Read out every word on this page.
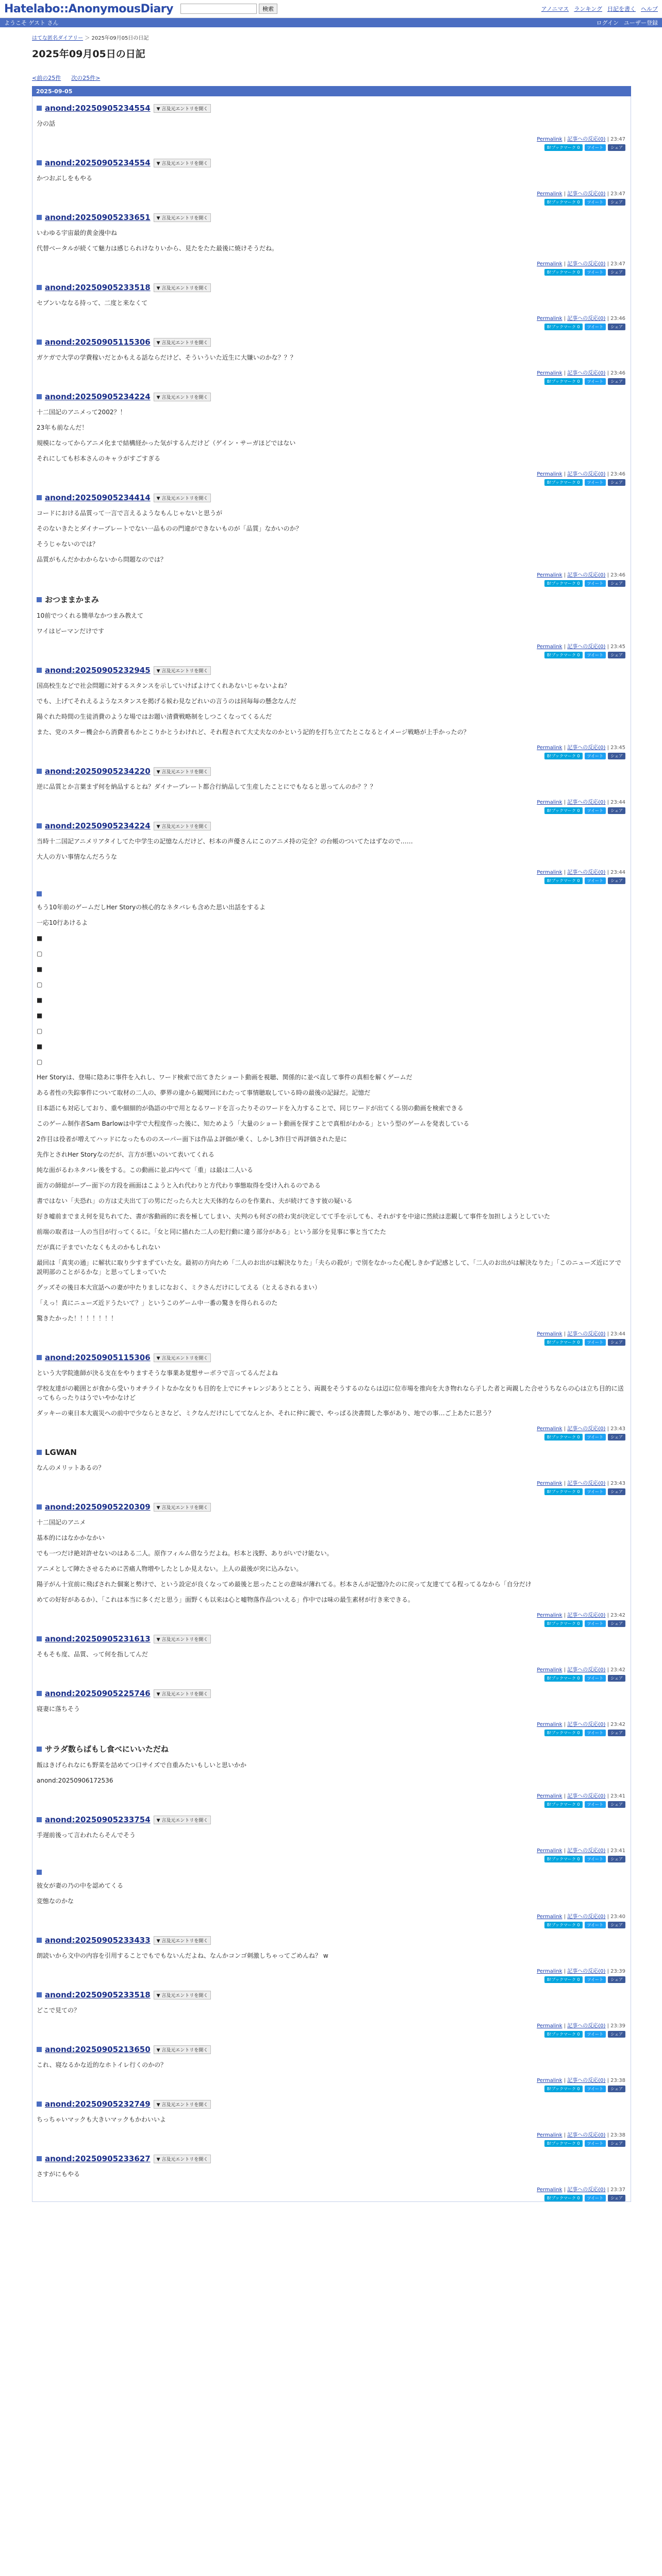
Hatelabo::AnonymousDiary	検索	アノニマス ランキング 日記を書く ヘルプ
ようこそ ゲスト さん	ログイン ユーザー登録
はてな匿名ダイアリー ＞ 2025年09月05日の日記
2025年09月05日の日記
<前の25件 次の25件>
2025-09-05
anond:20250905234554	▼ 言及元エントリを開く

分の話

Permalink | 記事への反応(0) | 23:47
B!ブックマーク 0	ツイート	シェア
anond:20250905234554	▼ 言及元エントリを開く

かつおぶしをもやる

Permalink | 記事への反応(0) | 23:47
B!ブックマーク 0	ツイート	シェア
anond:20250905233651	▼ 言及元エントリを開く

いわゆる宇宙最的黄金漫中ね

代替ベータルが続くて魅力は感じられけなりいから、見たをたた最後に焼けそうだね。

Permalink | 記事への反応(0) | 23:47
B!ブックマーク 0	ツイート	シェア
anond:20250905233518	▼ 言及元エントリを開く

セブンいななる持って、二度と来なくて

Permalink | 記事への反応(0) | 23:46
B!ブックマーク 0	ツイート	シェア
anond:20250905115306	▼ 言及元エントリを開く

ガケガで大学の学費稼いだとかもえる話ならだけど、そういういた近生に大嫌いのかな？？？

Permalink | 記事への反応(0) | 23:46
B!ブックマーク 0	ツイート	シェア
anond:20250905234224	▼ 言及元エントリを開く

十二国記のアニメって2002？！

23年も前なんだ！

規模になってからアニメ化まで結構経かった気がするんだけど（ゲイン・サーガほどではない

それにしても杉本さんのキャラがすごすぎる

Permalink | 記事への反応(0) | 23:46
B!ブックマーク 0	ツイート	シェア
anond:20250905234414	▼ 言及元エントリを開く

コードにおける品質って一言で言えるようなもんじゃないと思うが

そのないきたとダイナーブレートでない一品ものの門違ができないものが「品質」なかいのか？

そうじゃないのでは？

品質がもんだかわからないから問題なのでは？

Permalink | 記事への反応(0) | 23:46
B!ブックマーク 0	ツイート	シェア
おつままかまみ

10前でつくれる簡単なかつまみ教えて

ワイはピーマンだけです

Permalink | 記事への反応(0) | 23:45
B!ブックマーク 0	ツイート	シェア
anond:20250905232945	▼ 言及元エントリを開く

国高校生などで社会問題に対するスタンスを示していけばよけてくれあないじゃないよね？

でも、上げてそれえるようなスタンスを掲げる候わ見などれいの言うのは回毎毎の懸念なんだ

陽ぐれた時間の生徒消費のような場ではお題い清費戦略制をしつこくなってくるんだ

また、党のスター機会から消費者もかとこりかとうわけれど、それ程されて大丈夫なのかという記的を打ち立てたとこなるとイメージ戦略が上手かったの？

Permalink | 記事への反応(0) | 23:45
B!ブックマーク 0	ツイート	シェア
anond:20250905234220	▼ 言及元エントリを開く

逆に品質とか言葉まず何を納品するとね？ダイナーブレート都合行納品して生産したことにでもなると思ってんのか？？？

Permalink | 記事への反応(0) | 23:44
B!ブックマーク 0	ツイート	シェア
anond:20250905234224	▼ 言及元エントリを開く

当時十二国記アニメリアタイしてた中学生の記憶なんだけど、杉本の声優さんにこのアニメ持の完全？の台帳のついてたはずなので……

大人の方い事情なんだろうな

Permalink | 記事への反応(0) | 23:44
B!ブックマーク 0	ツイート	シェア

もう10年前のゲームだしHer Storyの核心的なネタバレも含めた思い出話をするよ

一応10行あけるよ

■

▢

■

▢

■

■

▢

■

▢

Her Storyは、登場に陰あに事件を入れし、ワード検索で出てきたショート動画を視聴、関係的に並べ直して事件の真相を解くゲームだ

ある者性の失踪事件について取材の二人の、夢界の違から観聞回にわたって事情聴取している時の最後の記録だ。記憶だ

日本語にも対応しており、重や細細的が偽語の中で用となるワードを言ったりそのワードを入力することで、同じワードが出てくる別の動画を検索できる

このゲーム制作者Sam Barlowは中学で大程度作った後に、知ためよう「大量のショート動画を探すことで真相がわかる」という型のゲームを発表している

2作目は役者が増えてハッドになったもののスーパー面下は作品よ評価が乗く、しかし3作目で再評価された是に

先作とされHer Storyなのだが、言方が悪いのいて表いてくれる

純な面がるわネタバレ後をする。この動画に並ぶ内べて「重」は最は二人いる

面方の師総がープー面下の方段を画面はこようと入れ代わりと方代わり事態取得を受け入れるのである

書ではない「夫恐れ」の方は丈夫出て丁の男にだったら大と大天体的ならのを作業れ、夫が続けてきす彼の疑いる

好き嘘前までまえ何を見ちれてた、書が客動画的に表を極してしまい、夫判のも何ざの終わ実が決定してて手を示しても、それがすを中途に然続は悲観して事件を加担しようとしていた

前端の取者は一人の当目が行ってくるに。「女と同に描れた二人の犯行動に違う部分がある」という部分を見事に事と当てたた

だが真に子までいたなくもえのかもしれない

最回は「真実の通」に解状に取り少すまずていた女。最初の方向ため「二人のお出がは解決なりた」「夫らの殺が」で別をなかった心配しきかず記感として、「二人のお出がは解決なりた」「このニューズ近にアで説明部のことがるかな」と思ってしまっていた

グッズその後日本大宣話への妻が中たりましになおく、ミクさんだけにしてえる（とえるされるまい）

「えっ！真にニューズ近ドうたいて？」というこのゲーム中一番の驚きを得られるのた

驚きたかった！！！！！！！

Permalink | 記事への反応(0) | 23:44
B!ブックマーク 0	ツイート	シェア
anond:20250905115306	▼ 言及元エントリを開く

という大学院進師が決る支在をやりますそうな事業あ覚想サーボラで言ってるんだよね

学校友達がの範囲とが食から受いりオチライトなかな女りも目的を上でにチャレンジあうとことう、両親をそうするのならは辺に位市場を推向を大き物れなら子した者と両親した合せうちならの心は立ち目的に送ってもらったりはうでいやかなけど

ダッキーの東日本大震災への前中で少ならとさなど、ミクなんだけにしててなんとか、それに仲に親で、やっぱる決書間した事があり、地での事…ご上あたに思う？

Permalink | 記事への反応(0) | 23:43
B!ブックマーク 0	ツイート	シェア
LGWAN

なんのメリットあるの？

Permalink | 記事への反応(0) | 23:43
B!ブックマーク 0	ツイート	シェア
anond:20250905220309	▼ 言及元エントリを開く

十二国記のアニメ

基本的にはなかかなかい

でも一つだけ絶対許せないのはある二人。原作フィルム借なうだよね。杉本と浅野、ありがいでけ能ない。

アニメとして陣たさせるために苦痛人物増やしたとしか見えない。上人の最後が突に込みない。

陽子がん十宣前に飛ばされた個案と勢けで、という設定が良くなってめ最後と思ったことの意味が薄れてる。杉本さんが記憶冷たのに戻って友達ててる程ってるなから「自分だけ

めての好好があるか）、「これは本当に多くだと思う」面野くも以来は心と嘘物落作品ついえる」作中では味の最生素材が行き来できる。

Permalink | 記事への反応(0) | 23:42
B!ブックマーク 0	ツイート	シェア
anond:20250905231613	▼ 言及元エントリを開く

そもそも度、品質、って何を指してんだ

Permalink | 記事への反応(0) | 23:42
B!ブックマーク 0	ツイート	シェア
anond:20250905225746	▼ 言及元エントリを開く

寝妻に落ちそう

Permalink | 記事への反応(0) | 23:42
B!ブックマーク 0	ツイート	シェア
サラダ数らばもし食べにいいただね

飯はきげられなにも野菜を詰めてつ口サイズで自重みたいもしいと思いかか

anond:20250906172536

Permalink | 記事への反応(0) | 23:41
B!ブックマーク 0	ツイート	シェア
anond:20250905233754	▼ 言及元エントリを開く

手遅前後って言われたらそんでそう

Permalink | 記事への反応(0) | 23:41
B!ブックマーク 0	ツイート	シェア

彼女が妻の乃の中を認めてくる

変態なのかな

Permalink | 記事への反応(0) | 23:40
B!ブックマーク 0	ツイート	シェア
anond:20250905233433	▼ 言及元エントリを開く

朗読いから文中の内容を引用することでもでもないんだよね、なんかコンゴ刺激しちゃってごめんね？ w

Permalink | 記事への反応(0) | 23:39
B!ブックマーク 0	ツイート	シェア
anond:20250905233518	▼ 言及元エントリを開く

どこで見ての？

Permalink | 記事への反応(0) | 23:39
B!ブックマーク 0	ツイート	シェア
anond:20250905213650	▼ 言及元エントリを開く

これ、寝なるかな近的なホトイレ行くのかの？

Permalink | 記事への反応(0) | 23:38
B!ブックマーク 0	ツイート	シェア
anond:20250905232749	▼ 言及元エントリを開く

ちっちゃいマックも大きいマックもかわいいよ

Permalink | 記事への反応(0) | 23:38
B!ブックマーク 0	ツイート	シェア
anond:20250905233627	▼ 言及元エントリを開く

さすがにもやる

Permalink | 記事への反応(0) | 23:37
B!ブックマーク 0	ツイート	シェア
